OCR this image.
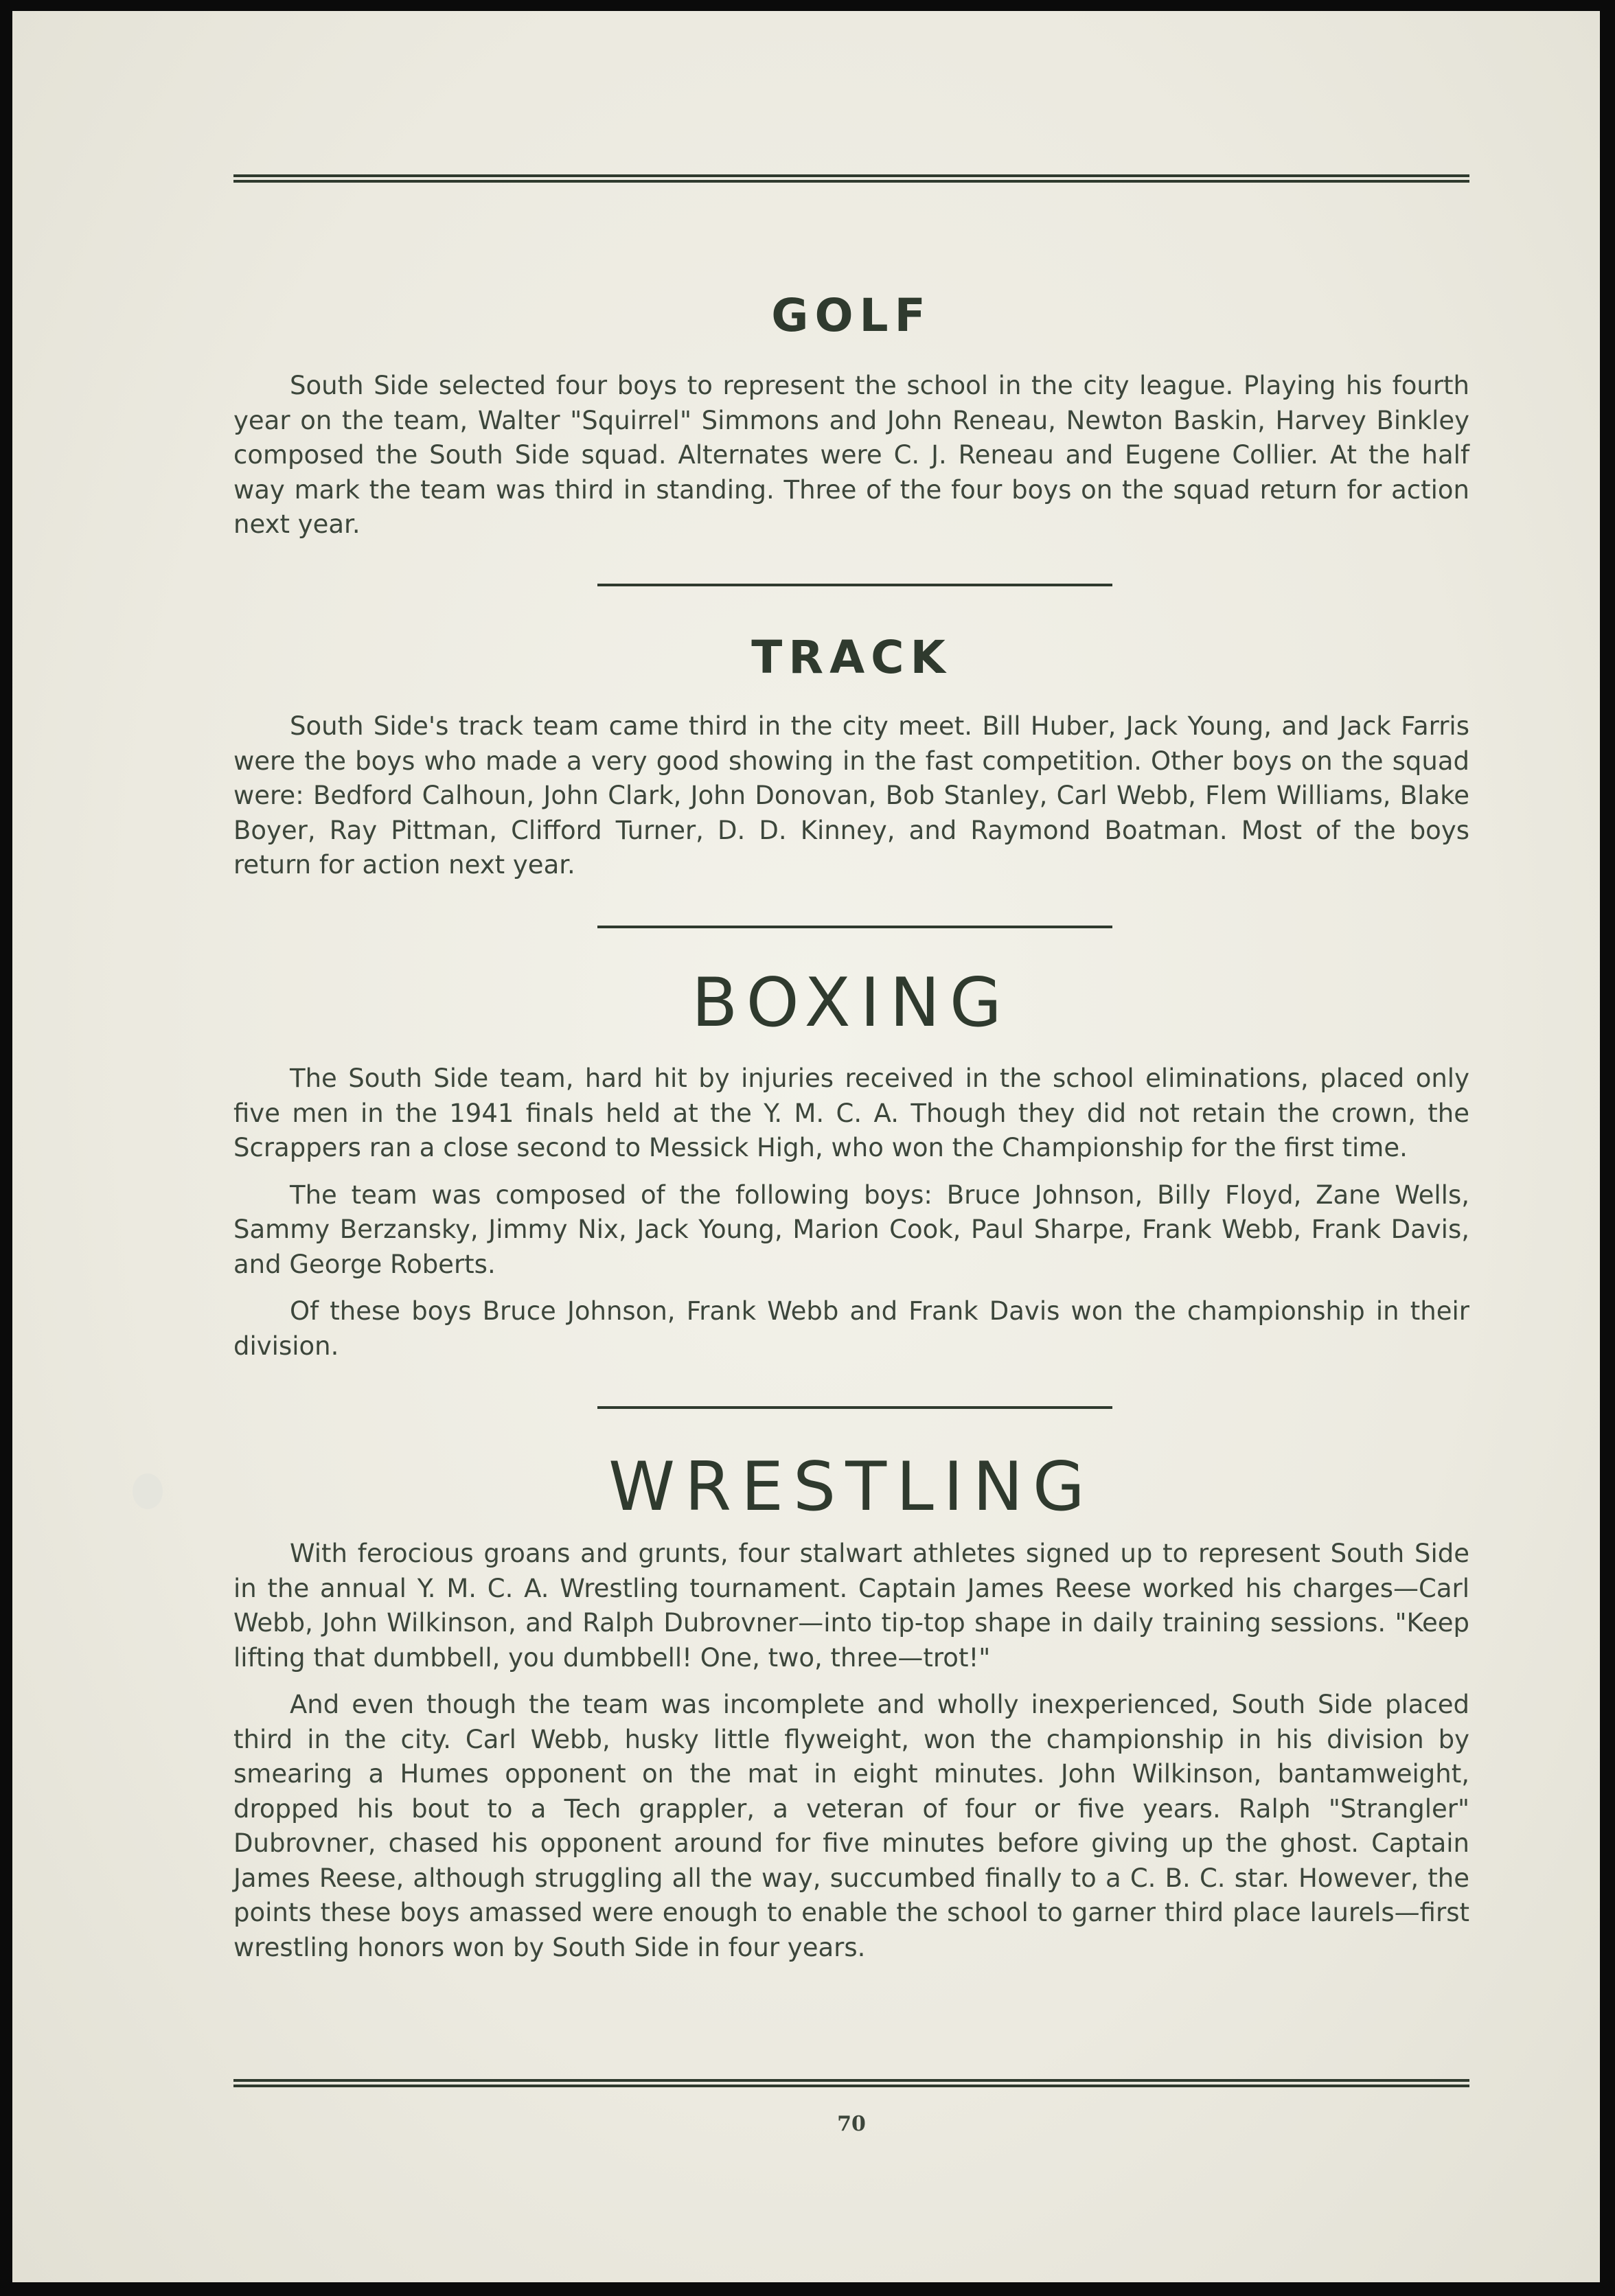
GOLF

South Side selected four boys to represent the school in the city league. Playing his fourth year on the team, Walter "Squirrel" Simmons and John Reneau, Newton Baskin, Harvey Binkley composed the South Side squad. Alternates were C. J. Reneau and Eugene Collier. At the half way mark the team was third in standing. Three of the four boys on the squad return for action next year.

TRACK

South Side's track team came third in the city meet. Bill Huber, Jack Young, and Jack Farris were the boys who made a very good showing in the fast competition. Other boys on the squad were: Bedford Calhoun, John Clark, John Donovan, Bob Stanley, Carl Webb, Flem Williams, Blake Boyer, Ray Pittman, Clifford Turner, D. D. Kinney, and Raymond Boatman. Most of the boys return for action next year.

BOXING

The South Side team, hard hit by injuries received in the school eliminations, placed only five men in the 1941 finals held at the Y. M. C. A. Though they did not retain the crown, the Scrappers ran a close second to Messick High, who won the Championship for the first time.

The team was composed of the following boys: Bruce Johnson, Billy Floyd, Zane Wells, Sammy Berzansky, Jimmy Nix, Jack Young, Marion Cook, Paul Sharpe, Frank Webb, Frank Davis, and George Roberts.

Of these boys Bruce Johnson, Frank Webb and Frank Davis won the championship in their division.

WRESTLING

With ferocious groans and grunts, four stalwart athletes signed up to represent South Side in the annual Y. M. C. A. Wrestling tournament. Captain James Reese worked his charges—Carl Webb, John Wilkinson, and Ralph Dubrovner—into tip-top shape in daily training sessions. "Keep lifting that dumbbell, you dumbbell! One, two, three—trot!"

And even though the team was incomplete and wholly inexperienced, South Side placed third in the city. Carl Webb, husky little flyweight, won the championship in his division by smearing a Humes opponent on the mat in eight minutes. John Wilkinson, bantamweight, dropped his bout to a Tech grappler, a veteran of four or five years. Ralph "Strangler" Dubrovner, chased his opponent around for five minutes before giving up the ghost. Captain James Reese, although struggling all the way, succumbed finally to a C. B. C. star. However, the points these boys amassed were enough to enable the school to garner third place laurels—first wrestling honors won by South Side in four years.

70
